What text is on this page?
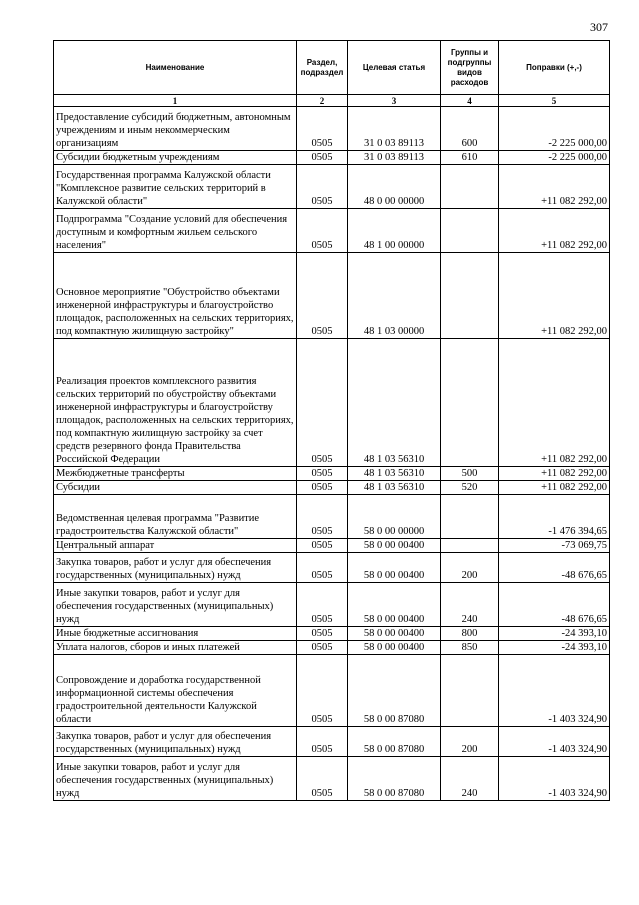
307
Наименование	Раздел, подраздел	Целевая статья	Группы и подгруппы видов расходов	Поправки (+,-)
1	2	3	4	5
Предоставление субсидий бюджетным, автономным учреждениям и иным некоммерческим организациям	0505	31 0 03 89113	600	-2 225 000,00
Субсидии бюджетным учреждениям	0505	31 0 03 89113	610	-2 225 000,00
Государственная программа Калужской области "Комплексное развитие сельских территорий в Калужской области"	0505	48 0 00 00000		+11 082 292,00
Подпрограмма "Создание условий для обеспечения доступным и комфортным жильем сельского населения"	0505	48 1 00 00000		+11 082 292,00
Основное мероприятие "Обустройство объектами инженерной инфраструктуры и благоустройство площадок, расположенных на сельских территориях, под компактную жилищную застройку"	0505	48 1 03 00000		+11 082 292,00
Реализация проектов комплексного развития сельских территорий по обустройству объектами инженерной инфраструктуры и благоустройству площадок, расположенных на сельских территориях, под компактную жилищную застройку за счет средств резервного фонда Правительства Российской Федерации	0505	48 1 03 56310		+11 082 292,00
Межбюджетные трансферты	0505	48 1 03 56310	500	+11 082 292,00
Субсидии	0505	48 1 03 56310	520	+11 082 292,00
Ведомственная целевая программа "Развитие градостроительства Калужской области"	0505	58 0 00 00000		-1 476 394,65
Центральный аппарат	0505	58 0 00 00400		-73 069,75
Закупка товаров, работ и услуг для обеспечения государственных (муниципальных) нужд	0505	58 0 00 00400	200	-48 676,65
Иные закупки товаров, работ и услуг для обеспечения государственных (муниципальных) нужд	0505	58 0 00 00400	240	-48 676,65
Иные бюджетные ассигнования	0505	58 0 00 00400	800	-24 393,10
Уплата налогов, сборов и иных платежей	0505	58 0 00 00400	850	-24 393,10
Сопровождение и доработка государственной информационной системы обеспечения градостроительной деятельности Калужской области	0505	58 0 00 87080		-1 403 324,90
Закупка товаров, работ и услуг для обеспечения государственных (муниципальных) нужд	0505	58 0 00 87080	200	-1 403 324,90
Иные закупки товаров, работ и услуг для обеспечения государственных (муниципальных) нужд	0505	58 0 00 87080	240	-1 403 324,90
